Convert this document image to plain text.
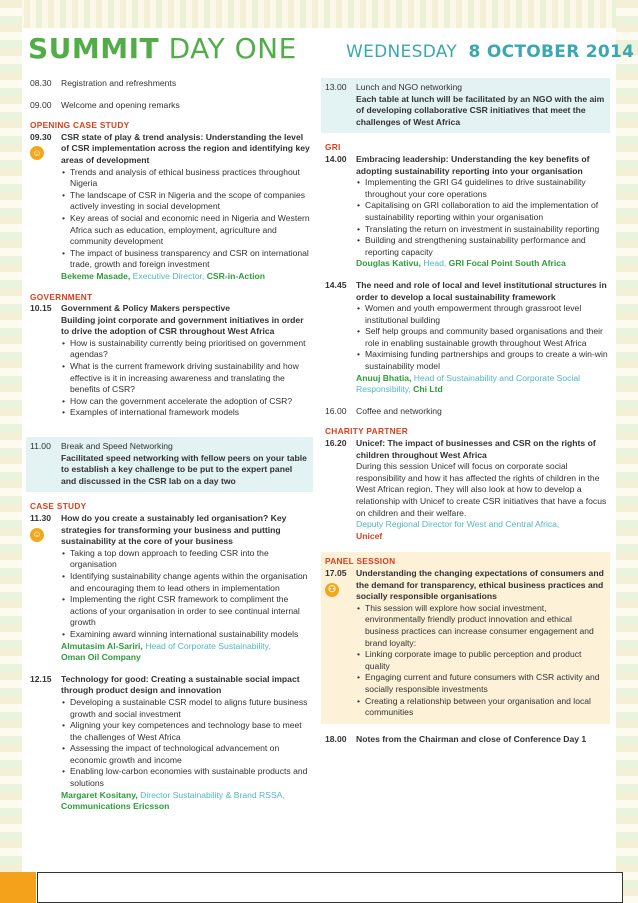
SUMMIT DAY ONE	WEDNESDAY 8 OCTOBER 2014
08.30	Registration and refreshments
09.00	Welcome and opening remarks
OPENING CASE STUDY
09.30
☺
CSR state of play & trend analysis: Understanding the level of CSR implementation across the region and identifying key areas of development
• Trends and analysis of ethical business practices throughout Nigeria
• The landscape of CSR in Nigeria and the scope of companies actively investing in social development
• Key areas of social and economic need in Nigeria and Western Africa such as education, employment, agriculture and community development
• The impact of business transparency and CSR on international trade, growth and foreign investment
Bekeme Masade, Executive Director, CSR-in-Action
GOVERNMENT
10.15	Government & Policy Makers perspective
Building joint corporate and government initiatives in order to drive the adoption of CSR throughout West Africa
• How is sustainability currently being prioritised on government agendas?
• What is the current framework driving sustainability and how effective is it in increasing awareness and translating the benefits of CSR?
• How can the government accelerate the adoption of CSR?
• Examples of international framework models
11.00	Break and Speed Networking
Facilitated speed networking with fellow peers on your table to establish a key challenge to be put to the expert panel and discussed in the CSR lab on a day two
CASE STUDY
11.30
☺
How do you create a sustainably led organisation? Key strategies for transforming your business and putting sustainability at the core of your business
• Taking a top down approach to feeding CSR into the organisation
• Identifying sustainability change agents within the organisation and encouraging them to lead others in implementation
• Implementing the right CSR framework to compliment the actions of your organisation in order to see continual internal growth
• Examining award winning international sustainability models
Almutasim Al-Sariri, Head of Corporate Sustainability,
Oman Oil Company
12.15	Technology for good: Creating a sustainable social impact through product design and innovation
• Developing a sustainable CSR model to aligns future business growth and social investment
• Aligning your key competences and technology base to meet the challenges of West Africa
• Assessing the impact of technological advancement on economic growth and income
• Enabling low-carbon economies with sustainable products and solutions
Margaret Kositany, Director Sustainability & Brand RSSA,
Communications Ericsson
13.00	Lunch and NGO networking
Each table at lunch will be facilitated by an NGO with the aim of developing collaborative CSR initiatives that meet the challenges of West Africa
GRI
14.00	Embracing leadership: Understanding the key benefits of adopting sustainability reporting into your organisation
• Implementing the GRI G4 guidelines to drive sustainability throughout your core operations
• Capitalising on GRI collaboration to aid the implementation of sustainability reporting within your organisation
• Translating the return on investment in sustainability reporting
• Building and strengthening sustainability performance and reporting capacity
Douglas Kativu, Head, GRI Focal Point South Africa
14.45	The need and role of local and level institutional structures in order to develop a local sustainability framework
• Women and youth empowerment through grassroot level institutional building
• Self help groups and community based organisations and their role in enabling sustainable growth throughout West Africa
• Maximising funding partnerships and groups to create a win-win sustainability model
Anuuj Bhatia, Head of Sustainability and Corporate Social Responsibility, Chi Ltd
16.00	Coffee and networking
CHARITY PARTNER
16.20	Unicef: The impact of businesses and CSR on the rights of children throughout West Africa
During this session Unicef will focus on corporate social responsibility and how it has affected the rights of children in the West African region. They will also look at how to develop a relationship with Unicef to create CSR initiatives that have a focus on children and their welfare.
Deputy Regional Director for West and Central Africa,
Unicef
PANEL SESSION
17.05
⚇
Understanding the changing expectations of consumers and the demand for transparency, ethical business practices and socially responsible organisations
• This session will explore how social investment, environmentally friendly product innovation and ethical business practices can increase consumer engagement and brand loyalty:
• Linking corporate image to public perception and product quality
• Engaging current and future consumers with CSR activity and socially responsible investments
• Creating a relationship between your organisation and local communities
18.00	Notes from the Chairman and close of Conference Day 1
